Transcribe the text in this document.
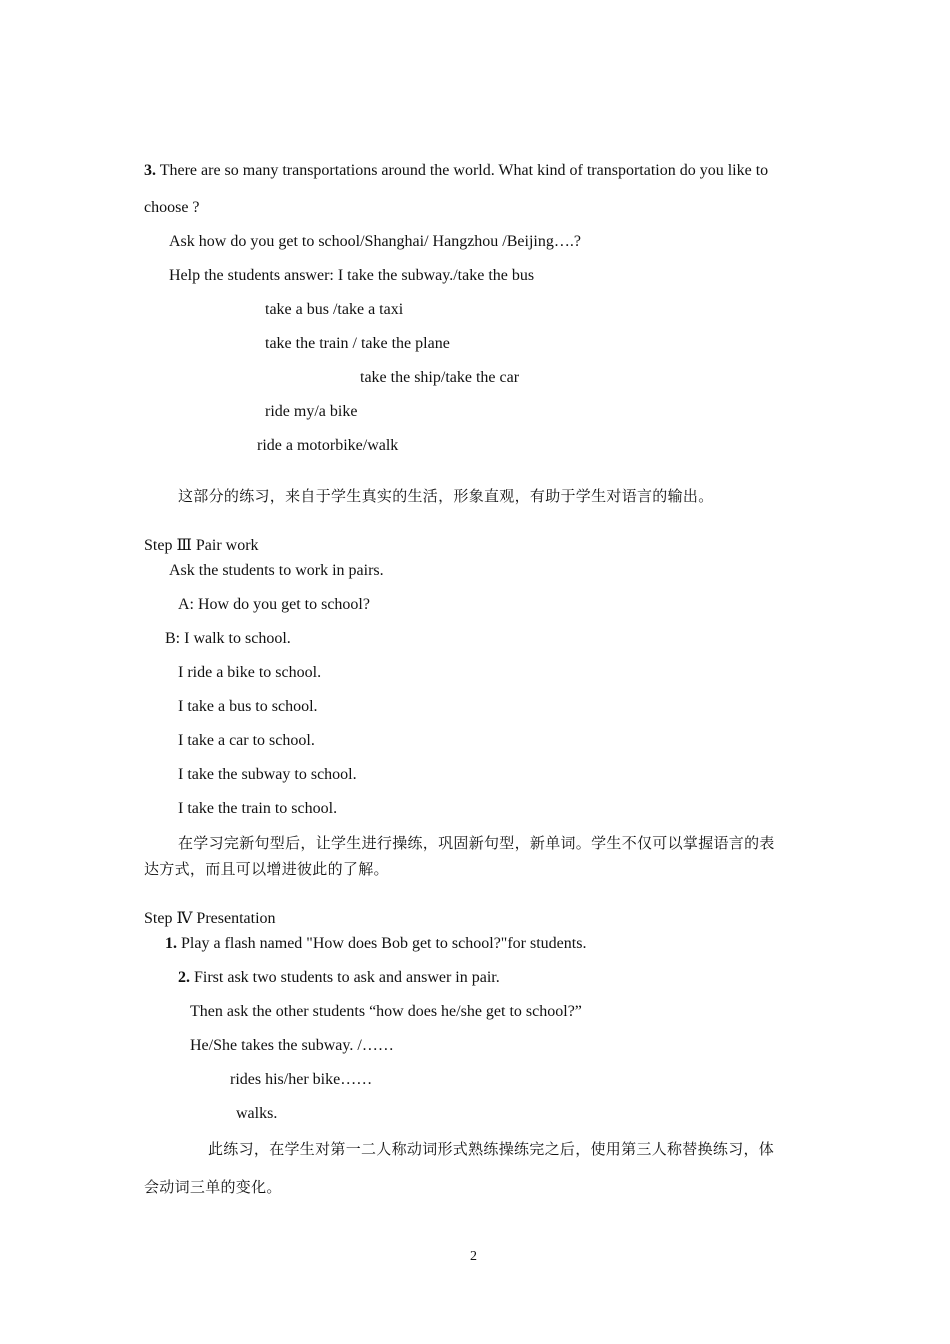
3. There are so many transportations around the world. What kind of transportation do you like to
choose ?
Ask how do you get to school/Shanghai/ Hangzhou /Beijing….?
Help the students answer: I take the subway./take the bus
take a bus /take a taxi
take the train / take the plane
take the ship/take the car
ride my/a bike
ride a motorbike/walk
这部分的练习，来自于学生真实的生活，形象直观，有助于学生对语言的输出。
Step Ⅲ Pair work
Ask the students to work in pairs.
A: How do you get to school?
B: I walk to school.
I ride a bike to school.
I take a bus to school.
I take a car to school.
I take the subway to school.
I take the train to school.
在学习完新句型后，让学生进行操练，巩固新句型，新单词。学生不仅可以掌握语言的表
达方式，而且可以增进彼此的了解。
Step Ⅳ Presentation
1. Play a flash named "How does Bob get to school?"for students.
2. First ask two students to ask and answer in pair.
Then ask the other students “how does he/she get to school?”
He/She takes the subway. /……
rides his/her bike……
walks.
此练习，在学生对第一二人称动词形式熟练操练完之后，使用第三人称替换练习，体
会动词三单的变化。
2
